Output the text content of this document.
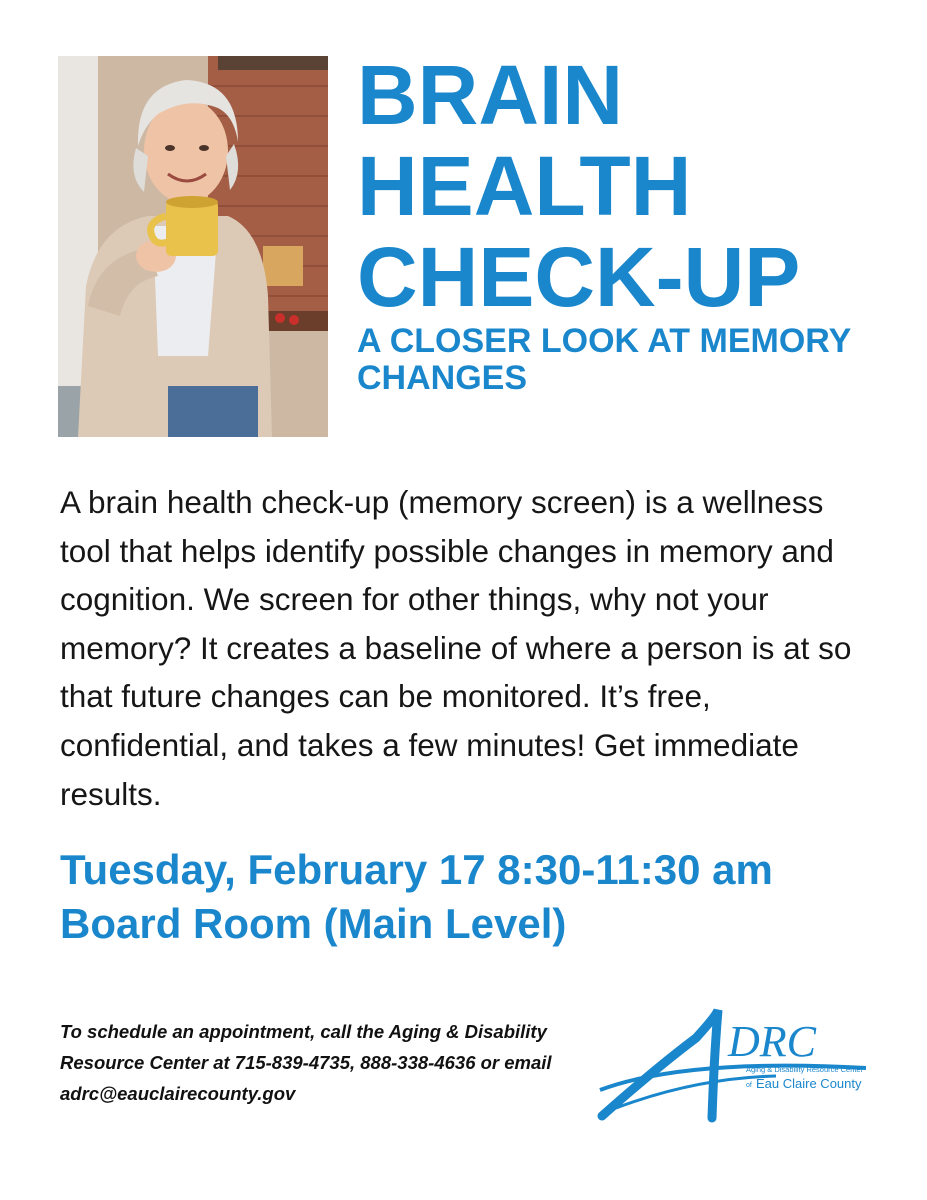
BRAIN
HEALTH
CHECK-UP
A CLOSER LOOK AT MEMORY CHANGES
A brain health check-up (memory screen) is a wellness tool that helps identify possible changes in memory and cognition. We screen for other things, why not your memory? It creates a baseline of where a person is at so that future changes can be monitored. It’s free, confidential, and takes a few minutes! Get immediate results.
Tuesday, February 17 8:30-11:30 am
Board Room (Main Level)
To schedule an appointment, call the Aging & Disability Resource Center at 715-839-4735, 888-338-4636 or email adrc@eauclairecounty.gov
DRC
Aging & Disability Resource Center
of Eau Claire County
